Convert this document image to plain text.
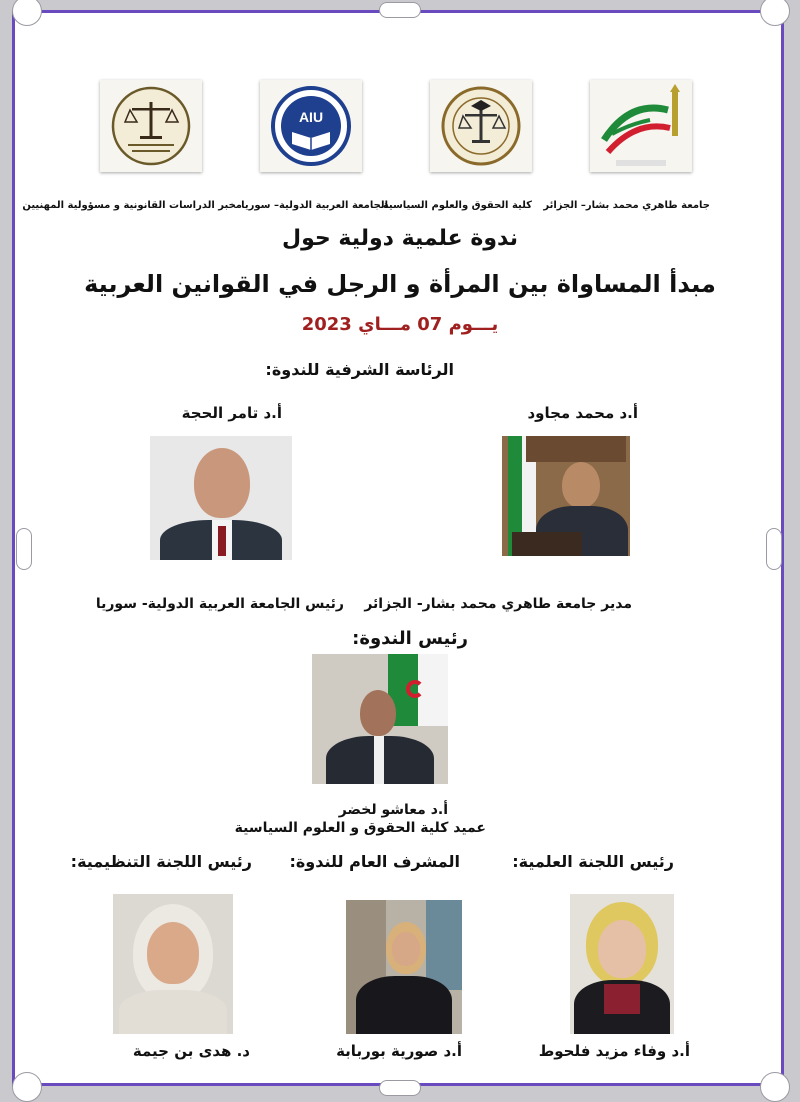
AIU
جامعة طاهري محمد بشار– الجزائر
كلية الحقوق والعلوم السياسية
الجامعة العربية الدولية– سوريا
مخبر الدراسات القانونية و مسؤولية المهنيين
ندوة علمية دولية حول
مبدأ المساواة بين المرأة و الرجل في القوانين العربية
يـــوم 07 مـــاي 2023
الرئاسة الشرفية للندوة:
أ.د محمد مجاود
أ.د تامر الحجة
مدير جامعة طاهري محمد بشار- الجزائر
رئيس الجامعة العربية الدولية- سوريا
رئيس الندوة:
أ.د معاشو لخضر
عميد كلية الحقوق و العلوم السياسية
رئيس اللجنة العلمية:
المشرف العام للندوة:
رئيس اللجنة التنظيمية:
أ.د وفاء مزيد فلحوط
أ.د صورية بوربابة
د. هدى بن جيمة
